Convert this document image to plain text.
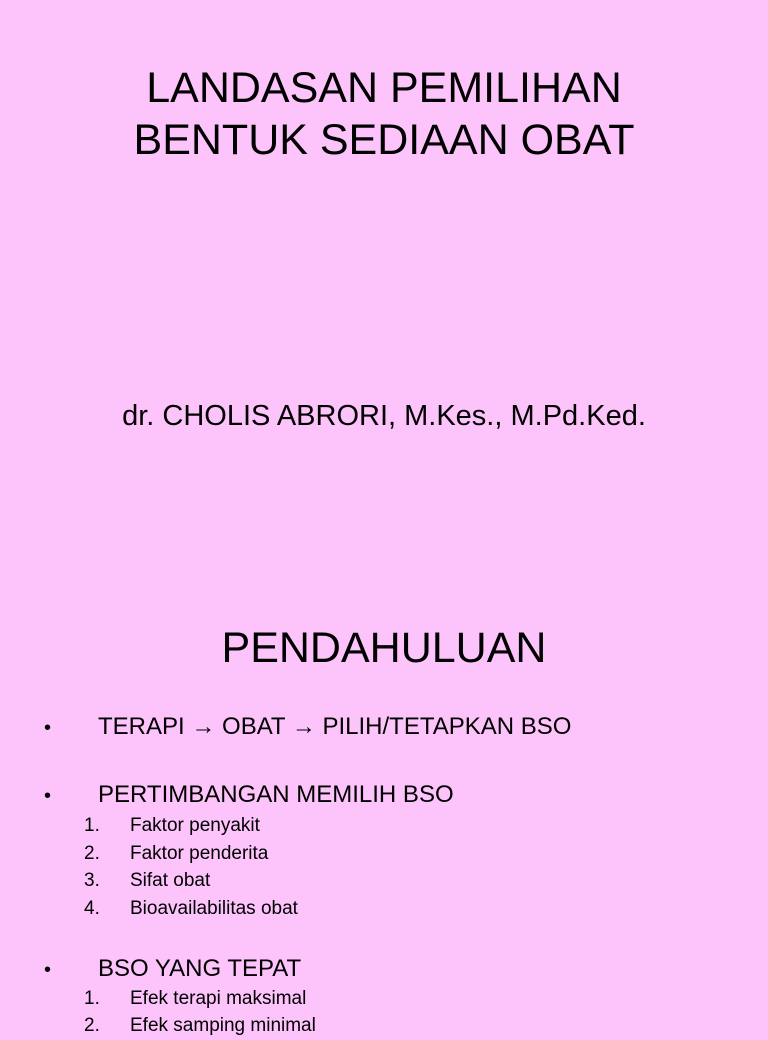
LANDASAN PEMILIHAN
BENTUK SEDIAAN OBAT
dr. CHOLIS ABRORI, M.Kes., M.Pd.Ked.
PENDAHULUAN
• TERAPI → OBAT → PILIH/TETAPKAN BSO
• PERTIMBANGAN MEMILIH BSO
1. Faktor penyakit
2. Faktor penderita
3. Sifat obat
4. Bioavailabilitas obat
• BSO YANG TEPAT
1. Efek terapi maksimal
2. Efek samping minimal
